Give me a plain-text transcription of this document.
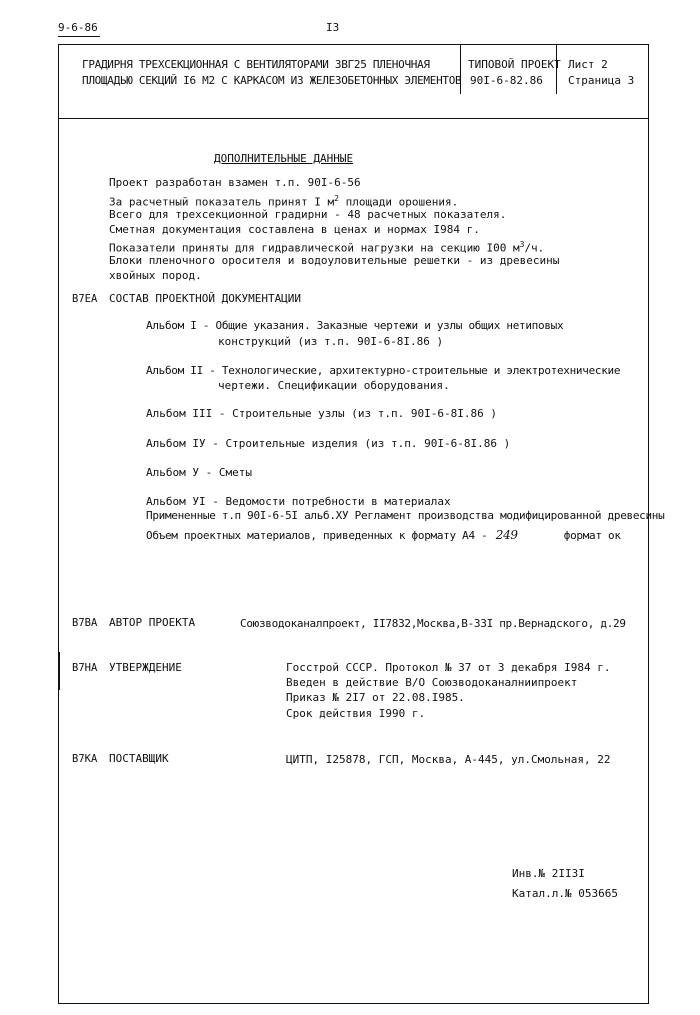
9-6-86	I3
ГРАДИРНЯ ТРЕХСЕКЦИОННАЯ С ВЕНТИЛЯТОРАМИ 3ВГ25 ПЛЕНОЧНАЯ
ПЛОЩАДЬЮ СЕКЦИЙ I6 М2 С КАРКАСОМ ИЗ ЖЕЛЕЗОБЕТОННЫХ ЭЛЕМЕНТОВ
ТИПОВОЙ ПРОЕКТ
90I-6-82.86
Лист 2
Страница 3
ДОПОЛНИТЕЛЬНЫЕ ДАННЫЕ
Проект разработан взамен т.п. 90I-6-56
За расчетный показатель принят I $м^2$ площади орошения.
Всего для трехсекционной градирни - 48 расчетных показателя.
Сметная документация составлена в ценах и нормах I984 г.
Показатели приняты для гидравлической нагрузки на секцию I00 $м^3/ч$.
Блоки пленочного оросителя и водоуловительные решетки - из древесины
хвойных пород.
B7EA СОСТАВ ПРОЕКТНОЙ ДОКУМЕНТАЦИИ
Альбом I - Общие указания. Заказные чертежи и узлы общих нетиповых
конструкций (из т.п. 90I-6-8I.86 )
Альбом II - Технологические, архитектурно-строительные и электротехнические
чертежи. Спецификации оборудования.
Альбом III - Строительные узлы (из т.п. 90I-6-8I.86 )
Альбом IУ - Строительные изделия (из т.п. 90I-6-8I.86 )
Альбом У - Сметы
Альбом УI - Ведомости потребности в материалах
Примененные т.п 90I-6-5I альб.ХУ Регламент производства модифицированной древесины
Объем проектных материалов, приведенных к формату А4 - 249	формат ок
B7BA АВТОР ПРОЕКТА	Союзводоканалпроект, II7832,Москва,B-33I пр.Вернадского, д.29
B7HA УТВЕРЖДЕНИЕ	Госстрой СССР. Протокол № 37 от 3 декабря I984 г.
Введен в действие В/О Союзводоканалниипроект
Приказ № 2I7 от 22.08.I985.
Срок действия I990 г.
B7KA ПОСТАВЩИК	ЦИТП, I25878, ГСП, Москва, А-445, ул.Смольная, 22
Инв.№ 2II3I
Катал.л.№ 053665
